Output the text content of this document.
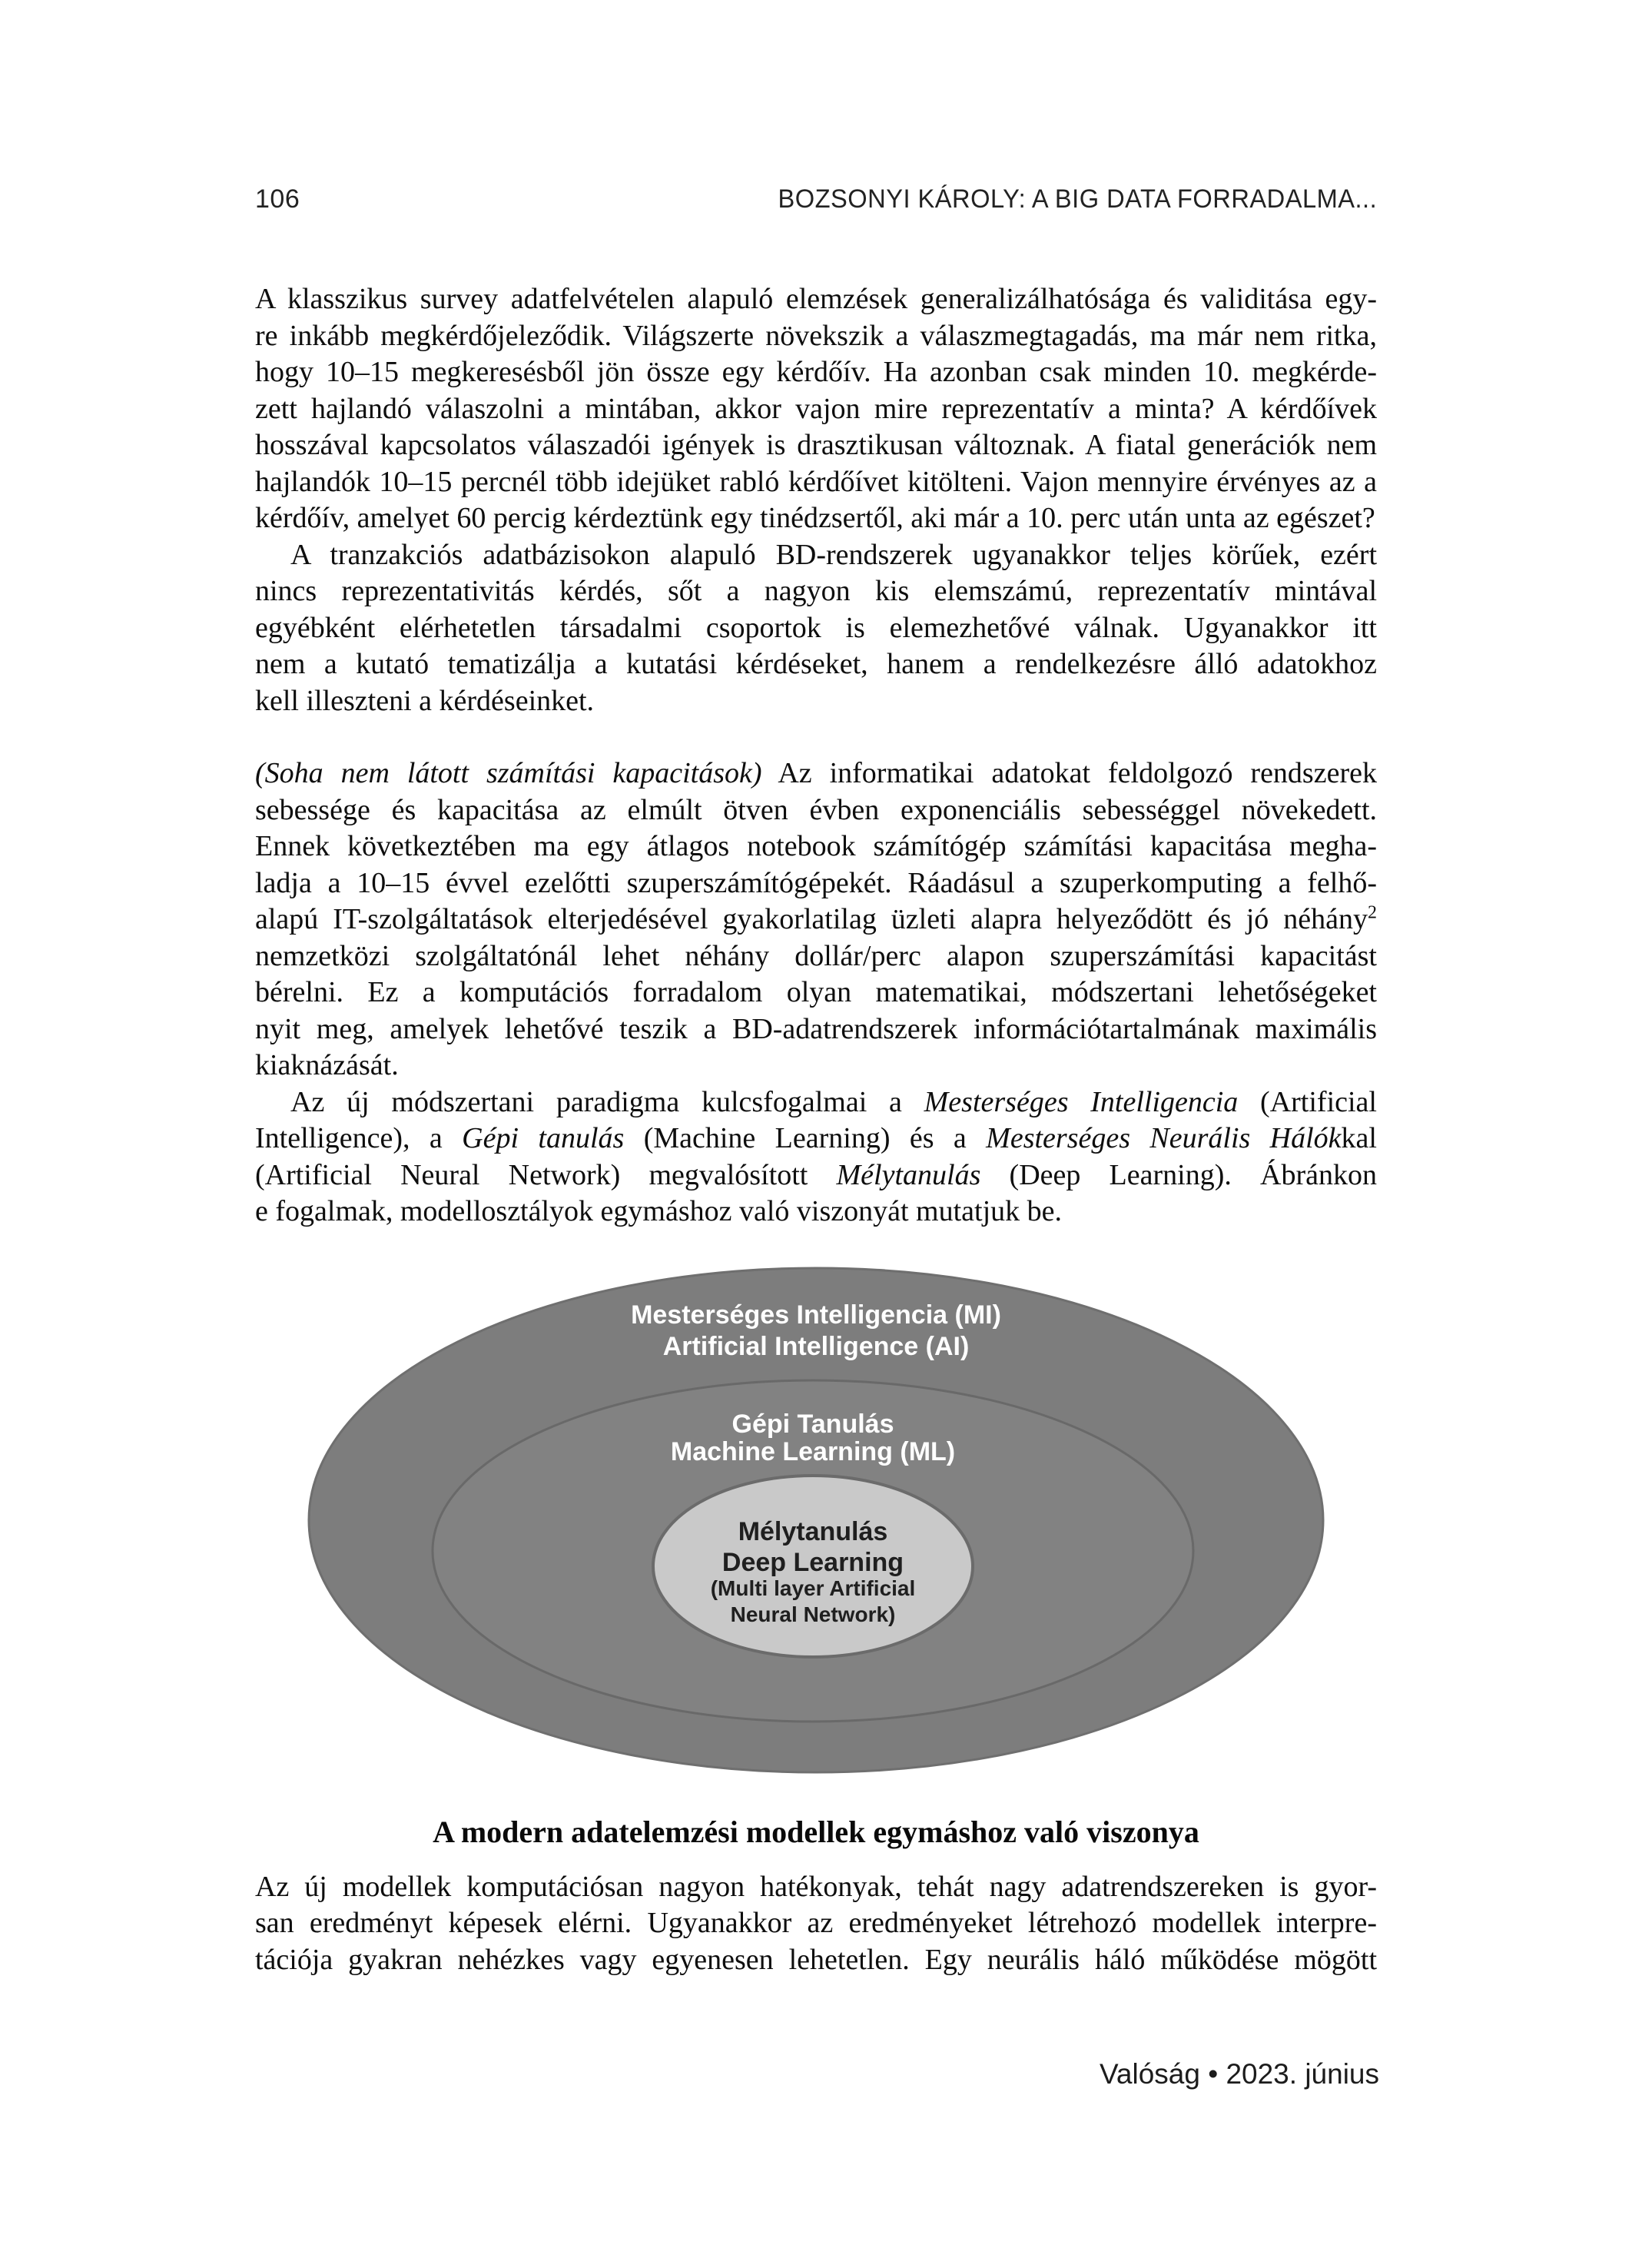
106	BOZSONYI KÁROLY: A BIG DATA FORRADALMA...
A klasszikus survey adatfelvételen alapuló elemzések generalizálhatósága és validitása egy-
re inkább megkérdőjeleződik. Világszerte növekszik a válaszmegtagadás, ma már nem ritka,
hogy 10–15 megkeresésből jön össze egy kérdőív. Ha azonban csak minden 10. megkérde-
zett hajlandó válaszolni a mintában, akkor vajon mire reprezentatív a minta? A kérdőívek
hosszával kapcsolatos válaszadói igények is drasztikusan változnak. A fiatal generációk nem
hajlandók 10–15 percnél több idejüket rabló kérdőívet kitölteni. Vajon mennyire érvényes az a
kérdőív, amelyet 60 percig kérdeztünk egy tinédzsertől, aki már a 10. perc után unta az egészet?
A tranzakciós adatbázisokon alapuló BD-rendszerek ugyanakkor teljes körűek, ezért
nincs reprezentativitás kérdés, sőt a nagyon kis elemszámú, reprezentatív mintával
egyébként elérhetetlen társadalmi csoportok is elemezhetővé válnak. Ugyanakkor itt
nem a kutató tematizálja a kutatási kérdéseket, hanem a rendelkezésre álló adatokhoz
kell illeszteni a kérdéseinket.
(Soha nem látott számítási kapacitások) Az informatikai adatokat feldolgozó rendszerek
sebessége és kapacitása az elmúlt ötven évben exponenciális sebességgel növekedett.
Ennek következtében ma egy átlagos notebook számítógép számítási kapacitása megha-
ladja a 10–15 évvel ezelőtti szuperszámítógépekét. Ráadásul a szuperkomputing a felhő-
alapú IT-szolgáltatások elterjedésével gyakorlatilag üzleti alapra helyeződött és jó néhány$^2$
nemzetközi szolgáltatónál lehet néhány dollár/perc alapon szuperszámítási kapacitást
bérelni. Ez a komputációs forradalom olyan matematikai, módszertani lehetőségeket
nyit meg, amelyek lehetővé teszik a BD-adatrendszerek információtartalmának maximális
kiaknázását.
Az új módszertani paradigma kulcsfogalmai a Mesterséges Intelligencia (Artificial
Intelligence), a Gépi tanulás (Machine Learning) és a Mesterséges Neurális Hálókkal
(Artificial Neural Network) megvalósított Mélytanulás (Deep Learning). Ábránkon
e fogalmak, modellosztályok egymáshoz való viszonyát mutatjuk be.
Mesterséges Intelligencia (MI)
Artificial Intelligence (AI)
Gépi Tanulás
Machine Learning (ML)
Mélytanulás
Deep Learning
(Multi layer Artificial
Neural Network)
A modern adatelemzési modellek egymáshoz való viszonya
Az új modellek komputációsan nagyon hatékonyak, tehát nagy adatrendszereken is gyor-
san eredményt képesek elérni. Ugyanakkor az eredményeket létrehozó modellek interpre-
tációja gyakran nehézkes vagy egyenesen lehetetlen. Egy neurális háló működése mögött
Valóság • 2023. június
